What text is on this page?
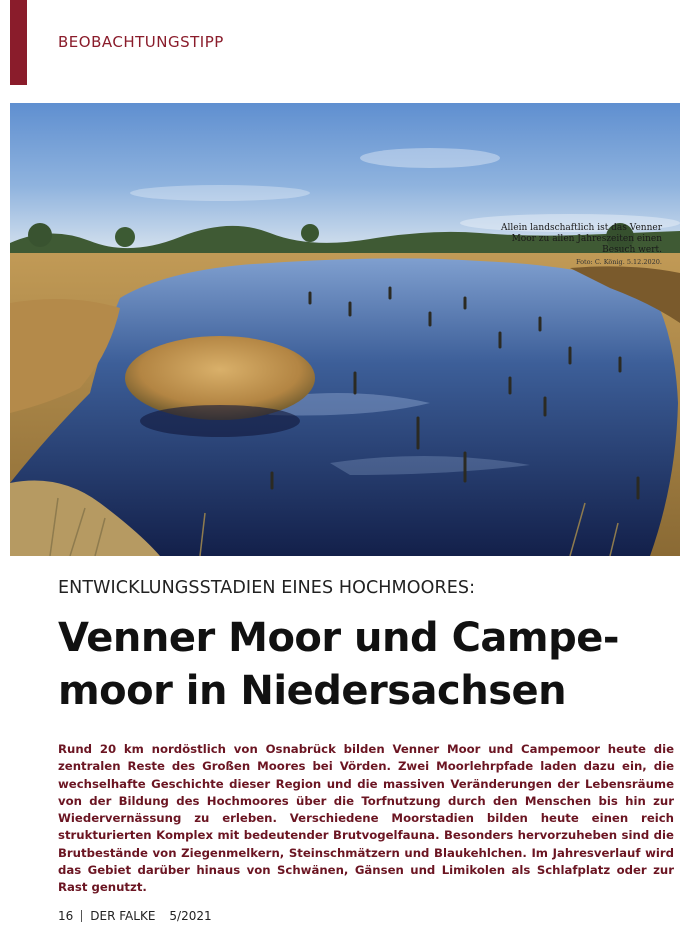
BEOBACHTUNGSTIPP
Allein landschaftlich ist das Venner Moor zu allen Jahreszeiten einen Besuch wert.
Foto: C. König. 5.12.2020.
ENTWICKLUNGSSTADIEN EINES HOCHMOORES:
Venner Moor und Campe-
moor in Niedersachsen

Rund 20 km nordöstlich von Osnabrück bilden Venner Moor und Campemoor heute die zentralen Reste des Großen Moores bei Vörden. Zwei Moorlehrpfade laden dazu ein, die wechselhafte Geschichte dieser Region und die massiven Veränderungen der Lebensräume von der Bildung des Hochmoores über die Torfnutzung durch den Menschen bis hin zur Wiedervernässung zu erleben. Verschiedene Moorstadien bilden heute einen reich strukturierten Komplex mit bedeutender Brutvogelfauna. Besonders hervorzuheben sind die Brutbestände von Ziegenmelkern, Steinschmätzern und Blaukehlchen. Im Jahresverlauf wird das Gebiet darüber hinaus von Schwänen, Gänsen und Limikolen als Schlafplatz oder zur Rast genutzt.

16 DER FALKE 5/2021
